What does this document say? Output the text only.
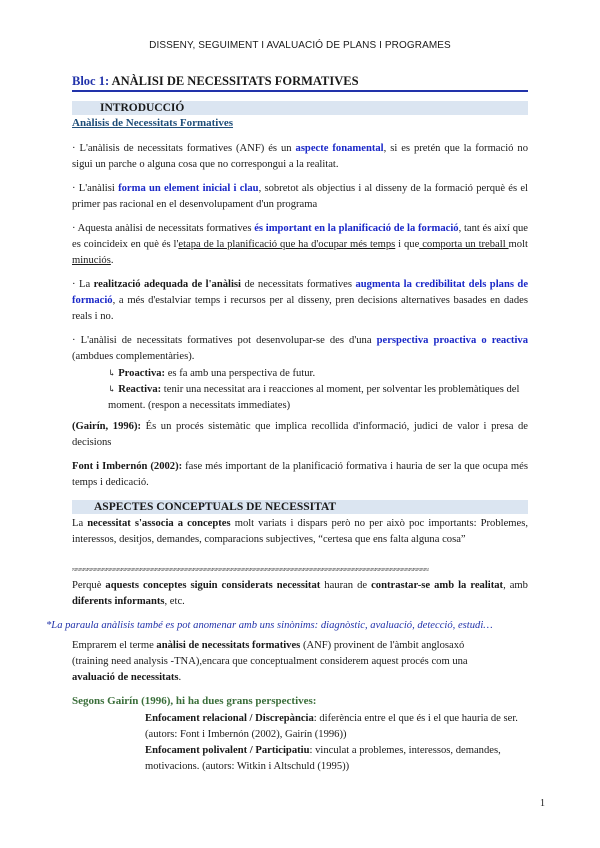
DISSENY, SEGUIMENT I AVALUACIÓ DE PLANS I PROGRAMES
Bloc 1: ANÀLISI DE NECESSITATS FORMATIVES
INTRODUCCIÓ
Anàlisis de Necessitats Formatives
· L'anàlisis de necessitats formatives (ANF) és un aspecte fonamental, si es pretén que la formació no sigui un parche o alguna cosa que no correspongui a la realitat.
· L'anàlisi forma un element inicial i clau, sobretot als objectius i al disseny de la formació perquè és el primer pas racional en el desenvolupament d'un programa
· Aquesta anàlisi de necessitats formatives és important en la planificació de la formació, tant és així que es coincideix en què és l'etapa de la planificació que ha d'ocupar més temps i que comporta un treball molt minuciós.
· La realització adequada de l'anàlisi de necessitats formatives augmenta la credibilitat dels plans de formació, a més d'estalviar temps i recursos per al disseny, pren decisions alternatives basades en dades reals i no.
· L'anàlisi de necessitats formatives pot desenvolupar-se des d'una perspectiva proactiva o reactiva (ambdues complementàries).
↳ Proactiva: es fa amb una perspectiva de futur.
↳ Reactiva: tenir una necessitat ara i reacciones al moment, per solventar les problemàtiques del moment. (respon a necessitats immediates)
(Gairín, 1996): És un procés sistemàtic que implica recollida d'informació, judici de valor i presa de decisions
Font i Imbernón (2002): fase més important de la planificació formativa i hauria de ser la que ocupa més temps i dedicació.
ASPECTES CONCEPTUALS DE NECESSITAT
La necessitat s'associa a conceptes molt variats i dispars però no per això poc importants: Problemes, interessos, desitjos, demandes, comparacions subjectives, “certesa que ens falta alguna cosa”
≈≈≈≈≈≈≈≈≈≈≈≈≈≈≈≈≈≈≈≈≈≈≈≈≈≈≈≈≈≈≈≈≈≈≈≈≈≈≈≈≈≈≈≈≈≈≈≈≈≈≈≈≈≈≈≈≈≈≈≈≈≈≈≈≈≈≈≈≈≈≈≈≈≈≈≈≈≈≈≈≈≈≈≈≈≈≈≈≈≈≈≈≈≈
Perquè aquests conceptes siguin considerats necessitat hauran de contrastar-se amb la realitat, amb diferents informants, etc.
*La paraula anàlisis també es pot anomenar amb uns sinònims: diagnòstic, avaluació, detecció, estudi…
Emprarem el terme anàlisi de necessitats formatives (ANF) provinent de l'àmbit anglosaxó (training need analysis -TNA),encara que conceptualment considerem aquest procés com una avaluació de necessitats.
Segons Gairín (1996), hi ha dues grans perspectives:
Enfocament relacional / Discrepància: diferència entre el que és i el que hauria de ser. (autors: Font i Imbernón (2002), Gairín (1996))
Enfocament polivalent / Participatiu: vinculat a problemes, interessos, demandes, motivacions. (autors: Witkin i Altschuld (1995))
1
